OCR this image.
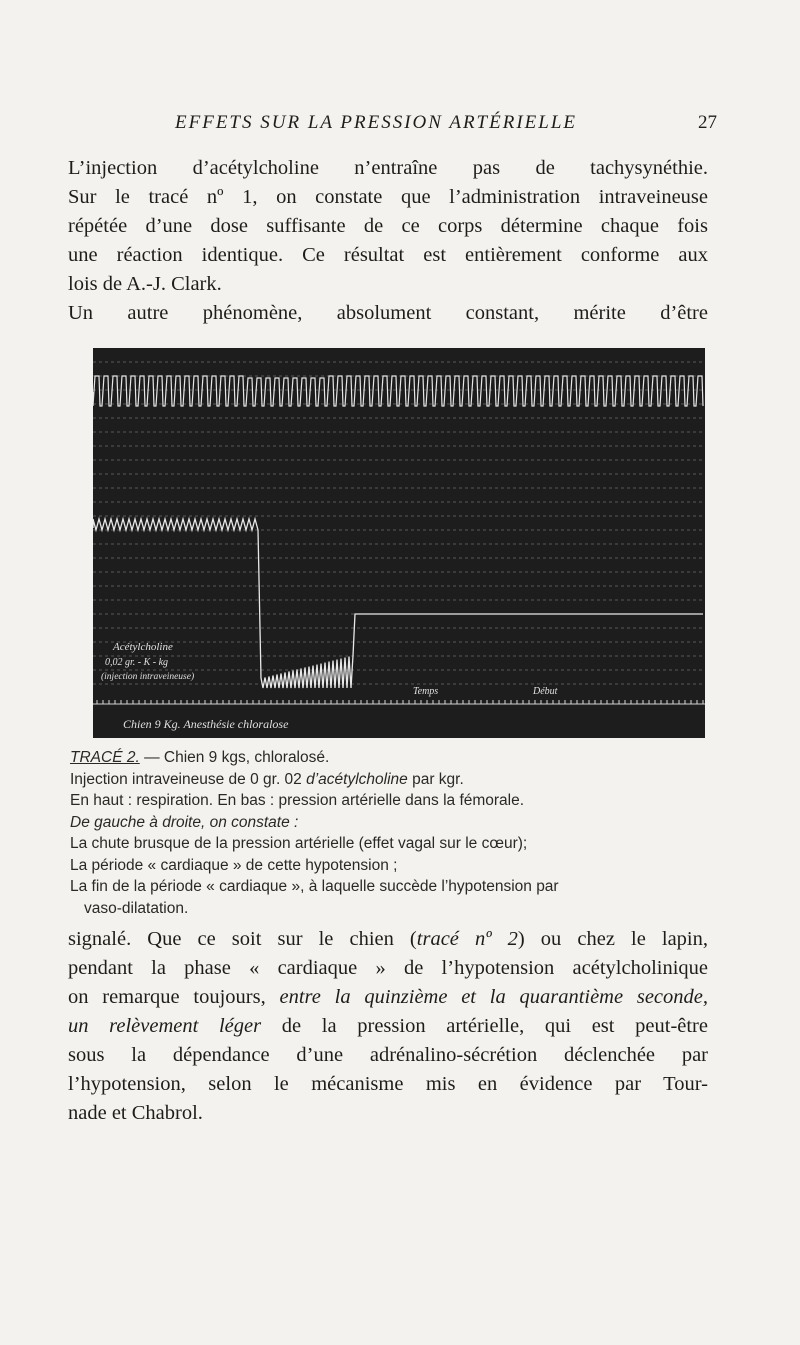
EFFETS SUR LA PRESSION ARTÉRIELLE	27
L’injection d’acétylcholine n’entraîne pas de tachysynéthie.
Sur le tracé nº 1, on constate que l’administration intraveineuse
répétée d’une dose suffisante de ce corps détermine chaque fois
une réaction identique. Ce résultat est entièrement conforme aux
lois de A.-J. Clark.
Un autre phénomène, absolument constant, mérite d’être
Acétylcholine
0,02 gr. - K - kg
(injection intraveineuse)
Temps	Début
Chien 9 Kg. Anesthésie chloralose
TRACÉ 2. — Chien 9 kgs, chloralosé.
Injection intraveineuse de 0 gr. 02 d’acétylcholine par kgr.
En haut : respiration. En bas : pression artérielle dans la fémorale.
De gauche à droite, on constate :
La chute brusque de la pression artérielle (effet vagal sur le cœur);
La période « cardiaque » de cette hypotension ;
La fin de la période « cardiaque », à laquelle succède l’hypotension par
vaso-dilatation.
signalé. Que ce soit sur le chien (tracé nº 2) ou chez le lapin,
pendant la phase « cardiaque » de l’hypotension acétylcholinique
on remarque toujours, entre la quinzième et la quarantième seconde,
un relèvement léger de la pression artérielle, qui est peut-être
sous la dépendance d’une adrénalino-sécrétion déclenchée par
l’hypotension, selon le mécanisme mis en évidence par Tour-
nade et Chabrol.
